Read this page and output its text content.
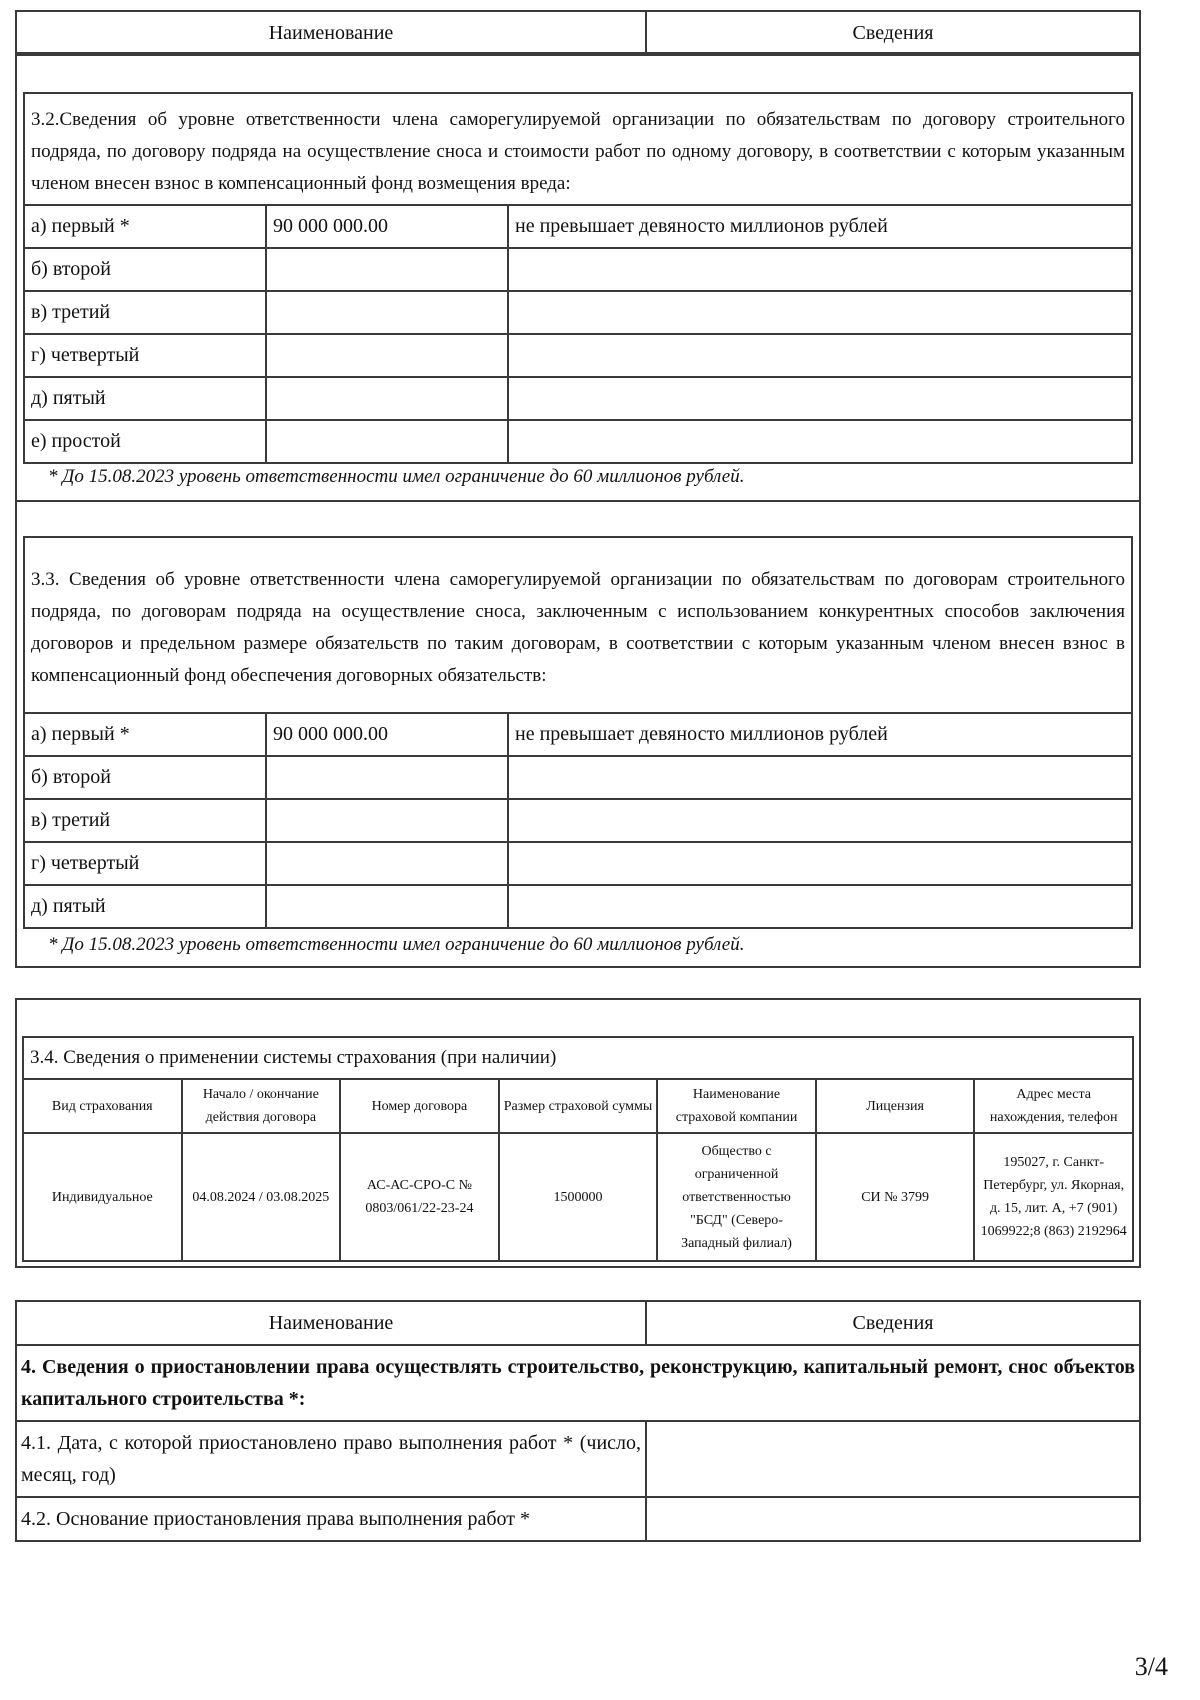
Наименование	Сведения
3.2.Сведения об уровне ответственности члена саморегулируемой организации по обязательствам по договору строительного подряда, по договору подряда на осуществление сноса и стоимости работ по одному договору, в соответствии с которым указанным членом внесен взнос в компенсационный фонд возмещения вреда:		
а) первый *	90 000 000.00	не превышает девяносто миллионов рублей
б) второй		
в) третий		
г) четвертый		
д) пятый		
е) простой		
* До 15.08.2023 уровень ответственности имел ограничение до 60 миллионов рублей.
3.3. Сведения об уровне ответственности члена саморегулируемой организации по обязательствам по договорам строительного подряда, по договорам подряда на осуществление сноса, заключенным с использованием конкурентных способов заключения договоров и предельном размере обязательств по таким договорам, в соответствии с которым указанным членом внесен взнос в компенсационный фонд обеспечения договорных обязательств:		
а) первый *	90 000 000.00	не превышает девяносто миллионов рублей
б) второй		
в) третий		
г) четвертый		
д) пятый		
* До 15.08.2023 уровень ответственности имел ограничение до 60 миллионов рублей.
3.4. Сведения о применении системы страхования (при наличии)						
Вид страхования	Начало / окончание действия договора	Номер договора	Размер страховой суммы	Наименование страховой компании	Лицензия	Адрес места нахождения, телефон
Индивидуальное	04.08.2024 / 03.08.2025	АС-АС-СРО-С № 0803/061/22-23-24	1500000	Общество с ограниченной ответственностью "БСД" (Северо-Западный филиал)	СИ № 3799	195027, г. Санкт-Петербург, ул. Якорная, д. 15, лит. А, +7 (901) 1069922;8 (863) 2192964
Наименование	Сведения
4. Сведения о приостановлении права осуществлять строительство, реконструкцию, капитальный ремонт, снос объектов капитального строительства *:	
4.1. Дата, с которой приостановлено право выполнения работ * (число, месяц, год)	
4.2. Основание приостановления права выполнения работ *	
3/4
